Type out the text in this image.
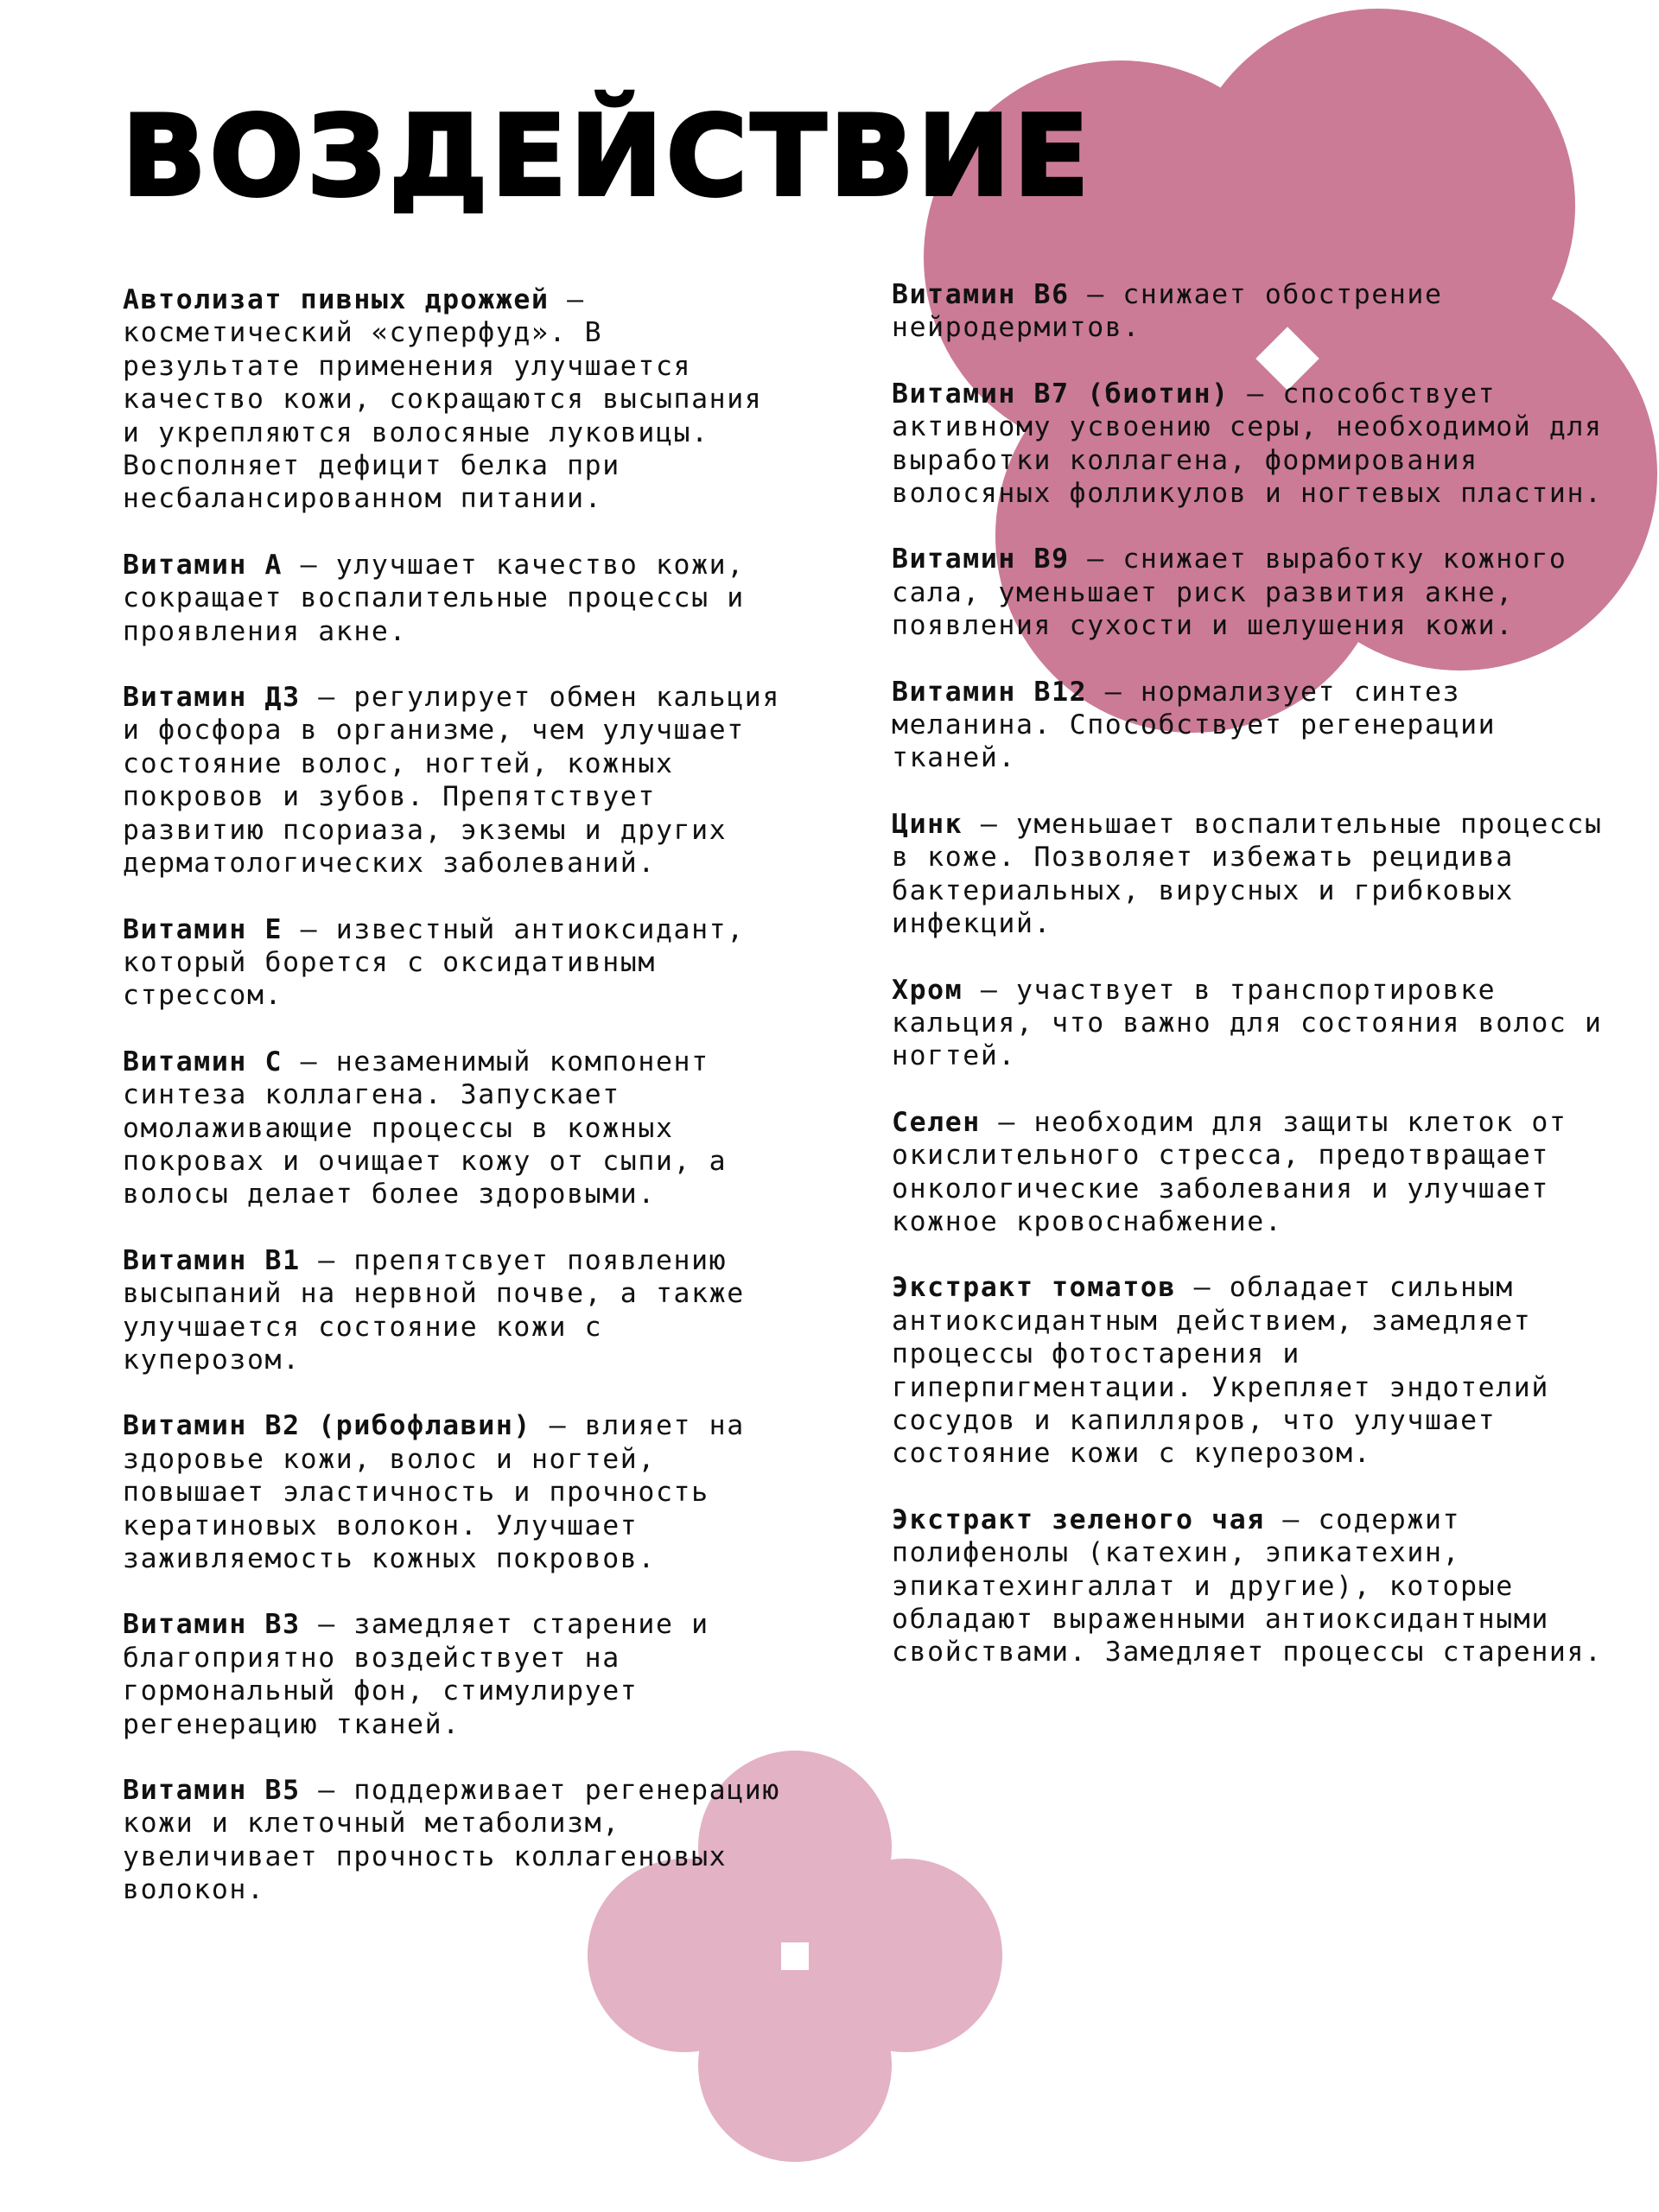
ВОЗДЕЙСТВИЕ

Автолизат пивных дрожжей — косметический «суперфуд». В результате применения улучшается качество кожи, сокращаются высыпания и укрепляются волосяные луковицы. Восполняет дефицит белка при несбалансированном питании.

Витамин А — улучшает качество кожи, сокращает воспалительные процессы и проявления акне.

Витамин Д3 — регулирует обмен кальция и фосфора в организме, чем улучшает состояние волос, ногтей, кожных покровов и зубов. Препятствует развитию псориаза, экземы и других дерматологических заболеваний.

Витамин Е — известный антиоксидант, который борется с оксидативным стрессом.

Витамин С — незаменимый компонент синтеза коллагена. Запускает омолаживающие процессы в кожных покровах и очищает кожу от сыпи, а волосы делает более здоровыми.

Витамин B1 — препятсвует появлению высыпаний на нервной почве, а также улучшается состояние кожи с куперозом.

Витамин B2 (рибофлавин) — влияет на здоровье кожи, волос и ногтей, повышает эластичность и прочность кератиновых волокон. Улучшает заживляемость кожных покровов.

Витамин B3 — замедляет старение и благоприятно воздействует на гормональный фон, стимулирует регенерацию тканей.

Витамин B5 — поддерживает регенерацию кожи и клеточный метаболизм, увеличивает прочность коллагеновых волокон.

Витамин B6 — снижает обострение нейродермитов.

Витамин B7 (биотин) — способствует активному усвоению серы, необходимой для выработки коллагена, формирования волосяных фолликулов и ногтевых пластин.

Витамин B9 — снижает выработку кожного сала, уменьшает риск развития акне, появления сухости и шелушения кожи.

Витамин B12 — нормализует синтез меланина. Способствует регенерации тканей.

Цинк — уменьшает воспалительные процессы в коже. Позволяет избежать рецидива бактериальных, вирусных и грибковых инфекций.

Хром — участвует в транспортировке кальция, что важно для состояния волос и ногтей.

Селен — необходим для защиты клеток от окислительного стресса, предотвращает онкологические заболевания и улучшает кожное кровоснабжение.

Экстракт томатов — обладает сильным антиоксидантным действием, замедляет процессы фотостарения и гиперпигментации. Укрепляет эндотелий сосудов и капилляров, что улучшает состояние кожи с куперозом.

Экстракт зеленого чая — содержит полифенолы (катехин, эпикатехин, эпикатехингаллат и другие), которые обладают выраженными антиоксидантными свойствами. Замедляет процессы старения.
